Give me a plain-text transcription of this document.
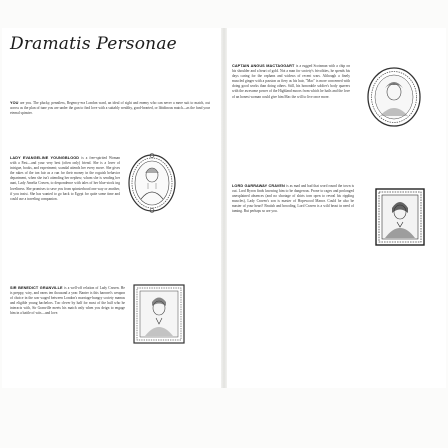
Dramatis Personae
YOU are you. The plucky, penniless, Regency-era London ward, an ideal of sight and enemy who can never a mere suit to match, out across as the plan of tune you are under the gun to find love with a suitably wealthy, good-hearted, or libidinous match—as the fund your eternal spinster.
LADY EVANGELINE YOUNGBLOOD is a free-spirited Woman with a Past—and your very best (often only) friend. She is a lover of intrigue, books, and experiment; scandal attends her every move. She gives the rakes of the ton fair as a run for their money in the roguish behavior department, when she isn't attending her nephew, whom she is sending her aunt, Lady Amelia Craven, to despondence with tales of her blue-stock ing loveliness. She promises to save you from spinsterhood one way or another, if you insist. She has wanted to go back to Egypt for quite some time and could use a traveling companion.
SIR BENEDICT GRANVILLE is a well-off relation of Lady Craven. He is preppy, wiry, and earns ten thousand a year. Banter is this baronet's weapon of choice in the war waged between London's marriage-hungry society mamas and eligible young bachelors. Too clever by half for most of the half who he interacts with, Sir Granville meets his match only when you deign to engage him in a battle of wits—and love.
CAPTAIN ANGUS MACTAGGART is a rugged Scotsman with a chip on his shoulder and a heart of gold. Not a man for society's frivolities, he spends his days caring for the orphans and widows of recent wars. Although a finely muscled ginger with a passion as fiery as his hair, "Mac" is more concerned with doing good works than doing others. Still, his honorable soldier's body quavers with the awesome power of the Highland moors from which he hails and the love of an honest woman could give him Mac the will to live once more.
LORD GARRAWAY CRAVEN is as mad and bad that word round the town is out. Lord Byron finds knowing him to be dangerous. Prone to rages and prolonged unexplained absences (and no shortage of shirts torn open to reveal his rippling muscles), Lady Craven's son is master of Hopewood Manor. Could he also be master of your heart? Brutish and brooding, Lord Craven is a wild beast in need of taming. But perhaps so are you.
